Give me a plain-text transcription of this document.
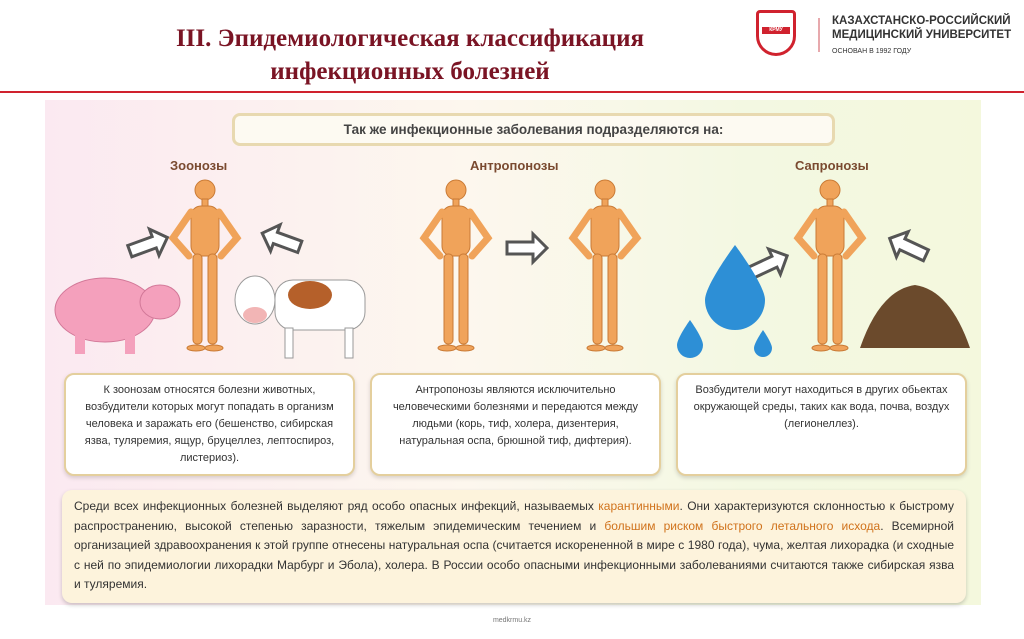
III. Эпидемиологическая классификация
инфекционных болезней
КРМУ
КАЗАХСТАНСКО-РОССИЙСКИЙ
МЕДИЦИНСКИЙ УНИВЕРСИТЕТ
ОСНОВАН В 1992 ГОДУ
Так же инфекционные заболевания подразделяются на:
Зоонозы	Антропонозы	Сапронозы
К зоонозам относятся болезни животных, возбудители которых могут попадать в организм человека и заражать его (бешенство, сибирская язва, туляремия, ящур, бруцеллез, лептоспироз, листериоз).
Антропонозы являются исключительно человеческими болезнями и передаются между людьми (корь, тиф, холера, дизентерия, натуральная оспа, брюшной тиф, дифтерия).
Возбудители могут находиться в других обьектах окружающей среды, таких как вода, почва, воздух (легионеллез).
Среди всех инфекционных болезней выделяют ряд особо опасных инфекций, называемых карантинными. Они характеризуются склонностью к быстрому распространению, высокой степенью заразности, тяжелым эпидемическим течением и большим риском быстрого летального исхода. Всемирной организацией здравоохранения к этой группе отнесены натуральная оспа (считается искорененной в мире с 1980 года), чума, желтая лихорадка (и сходные с ней по эпидемиологии лихорадки Марбург и Эбола), холера. В России особо опасными инфекционными заболеваниями считаются также сибирская язва и туляремия.
medkrmu.kz
